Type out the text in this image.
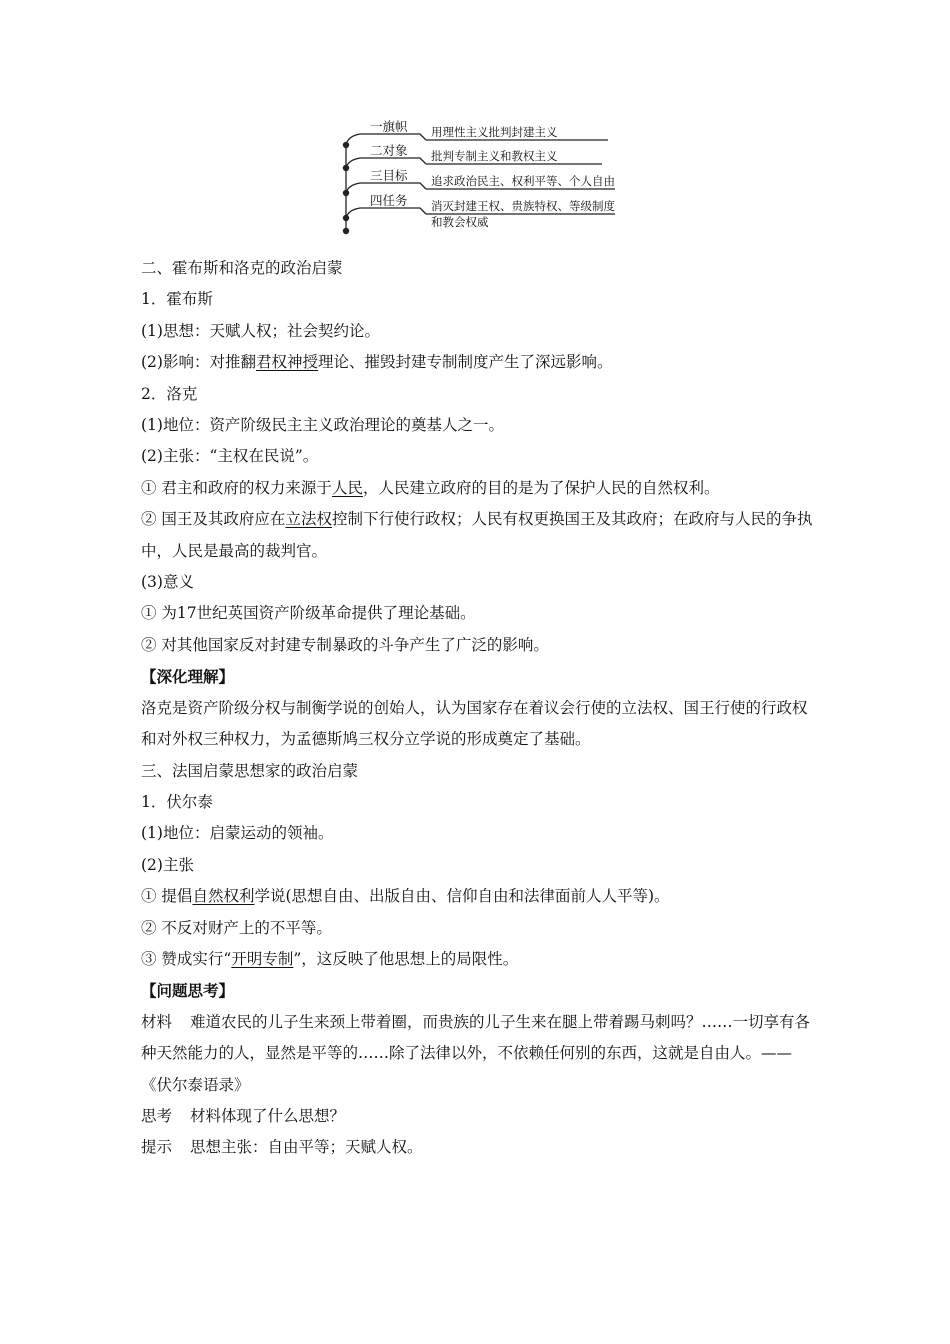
一旗帜 用理性主义批判封建主义
二对象 批判专制主义和教权主义
三目标 追求政治民主、权利平等、个人自由
四任务 消灭封建王权、贵族特权、等级制度
和教会权威

二、霍布斯和洛克的政治启蒙

1．霍布斯

(1)思想：天赋人权；社会契约论。

(2)影响：对推翻君权神授理论、摧毁封建专制制度产生了深远影响。

2．洛克

(1)地位：资产阶级民主主义政治理论的奠基人之一。

(2)主张：“主权在民说”。

① 君主和政府的权力来源于人民，人民建立政府的目的是为了保护人民的自然权利。

② 国王及其政府应在立法权控制下行使行政权；人民有权更换国王及其政府；在政府与人民的争执中，人民是最高的裁判官。

(3)意义

① 为17世纪英国资产阶级革命提供了理论基础。

② 对其他国家反对封建专制暴政的斗争产生了广泛的影响。

【深化理解】

洛克是资产阶级分权与制衡学说的创始人，认为国家存在着议会行使的立法权、国王行使的行政权和对外权三种权力，为孟德斯鸠三权分立学说的形成奠定了基础。

三、法国启蒙思想家的政治启蒙

1．伏尔泰

(1)地位：启蒙运动的领袖。

(2)主张

① 提倡自然权利学说(思想自由、出版自由、信仰自由和法律面前人人平等)。

② 不反对财产上的不平等。

③ 赞成实行“开明专制”，这反映了他思想上的局限性。

【问题思考】

材料 难道农民的儿子生来颈上带着圈，而贵族的儿子生来在腿上带着踢马刺吗？……一切享有各种天然能力的人，显然是平等的……除了法律以外，不依赖任何别的东西，这就是自由人。——《伏尔泰语录》

思考 材料体现了什么思想？

提示 思想主张：自由平等；天赋人权。
